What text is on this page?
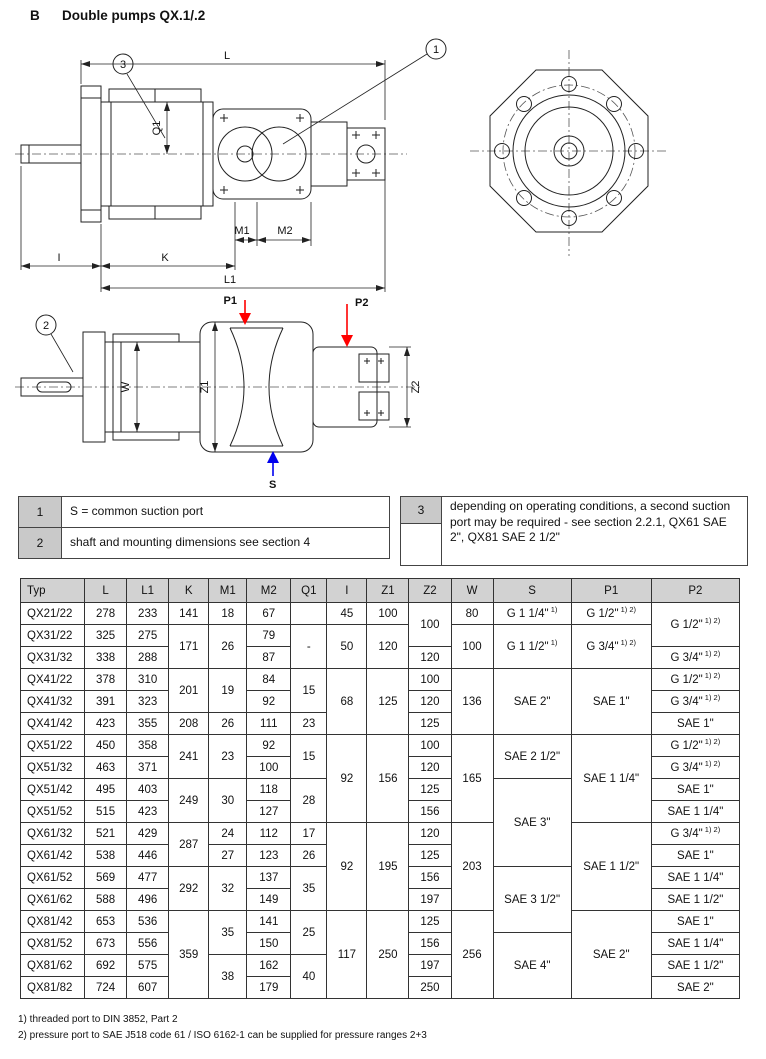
B Double pumps QX.1/.2
Q1
3
1
L
M1	M2
I	K
L1
2
W	Z1	Z2
P1	P2
S
1	S = common suction port
2	shaft and mounting dimensions see section 4
3	depending on operating conditions, a second suction port may be required - see section 2.2.1, QX61 SAE 2", QX81 SAE 2 1/2"
Typ	L	L1	K	M1	M2	Q1	I	Z1	Z2	W	S	P1	P2
QX21/22	278	233	141	18	67		45	100	100	80	G 1 1/4" $^{1)}$	G 1/2" $^{1) 2)}$	G 1/2" $^{1) 2)}$
QX31/22	325	275	171	26	79	-	50	120		100	G 1 1/2" $^{1)}$	G 3/4" $^{1) 2)}$
QX31/32	338	288			87				120				G 3/4" $^{1) 2)}$
QX41/22	378	310	201	19	84	15	68	125	100	136	SAE 2"	SAE 1"	G 1/2" $^{1) 2)}$
QX41/32	391	323			92				120				G 3/4" $^{1) 2)}$
QX41/42	423	355	208	26	111	23			125				SAE 1"
QX51/22	450	358	241	23	92	15	92	156	100	165	SAE 2 1/2"	SAE 1 1/4"	G 1/2" $^{1) 2)}$
QX51/32	463	371			100				120				G 3/4" $^{1) 2)}$
QX51/42	495	403	249	30	118	28			125		SAE 3"		SAE 1"
QX51/52	515	423			127				156				SAE 1 1/4"
QX61/32	521	429	287	24	112	17	92	195	120	203		SAE 1 1/2"	G 3/4" $^{1) 2)}$
QX61/42	538	446		27	123	26			125				SAE 1"
QX61/52	569	477	292	32	137	35			156		SAE 3 1/2"		SAE 1 1/4"
QX61/62	588	496			149				197				SAE 1 1/2"
QX81/42	653	536	359	35	141	25	117	250	125	256		SAE 2"	SAE 1"
QX81/52	673	556			150				156		SAE 4"		SAE 1 1/4"
QX81/62	692	575		38	162	40			197				SAE 1 1/2"
QX81/82	724	607			179				250				SAE 2"
1) threaded port to DIN 3852, Part 2
2) pressure port to SAE J518 code 61 / ISO 6162-1 can be supplied for pressure ranges 2+3
